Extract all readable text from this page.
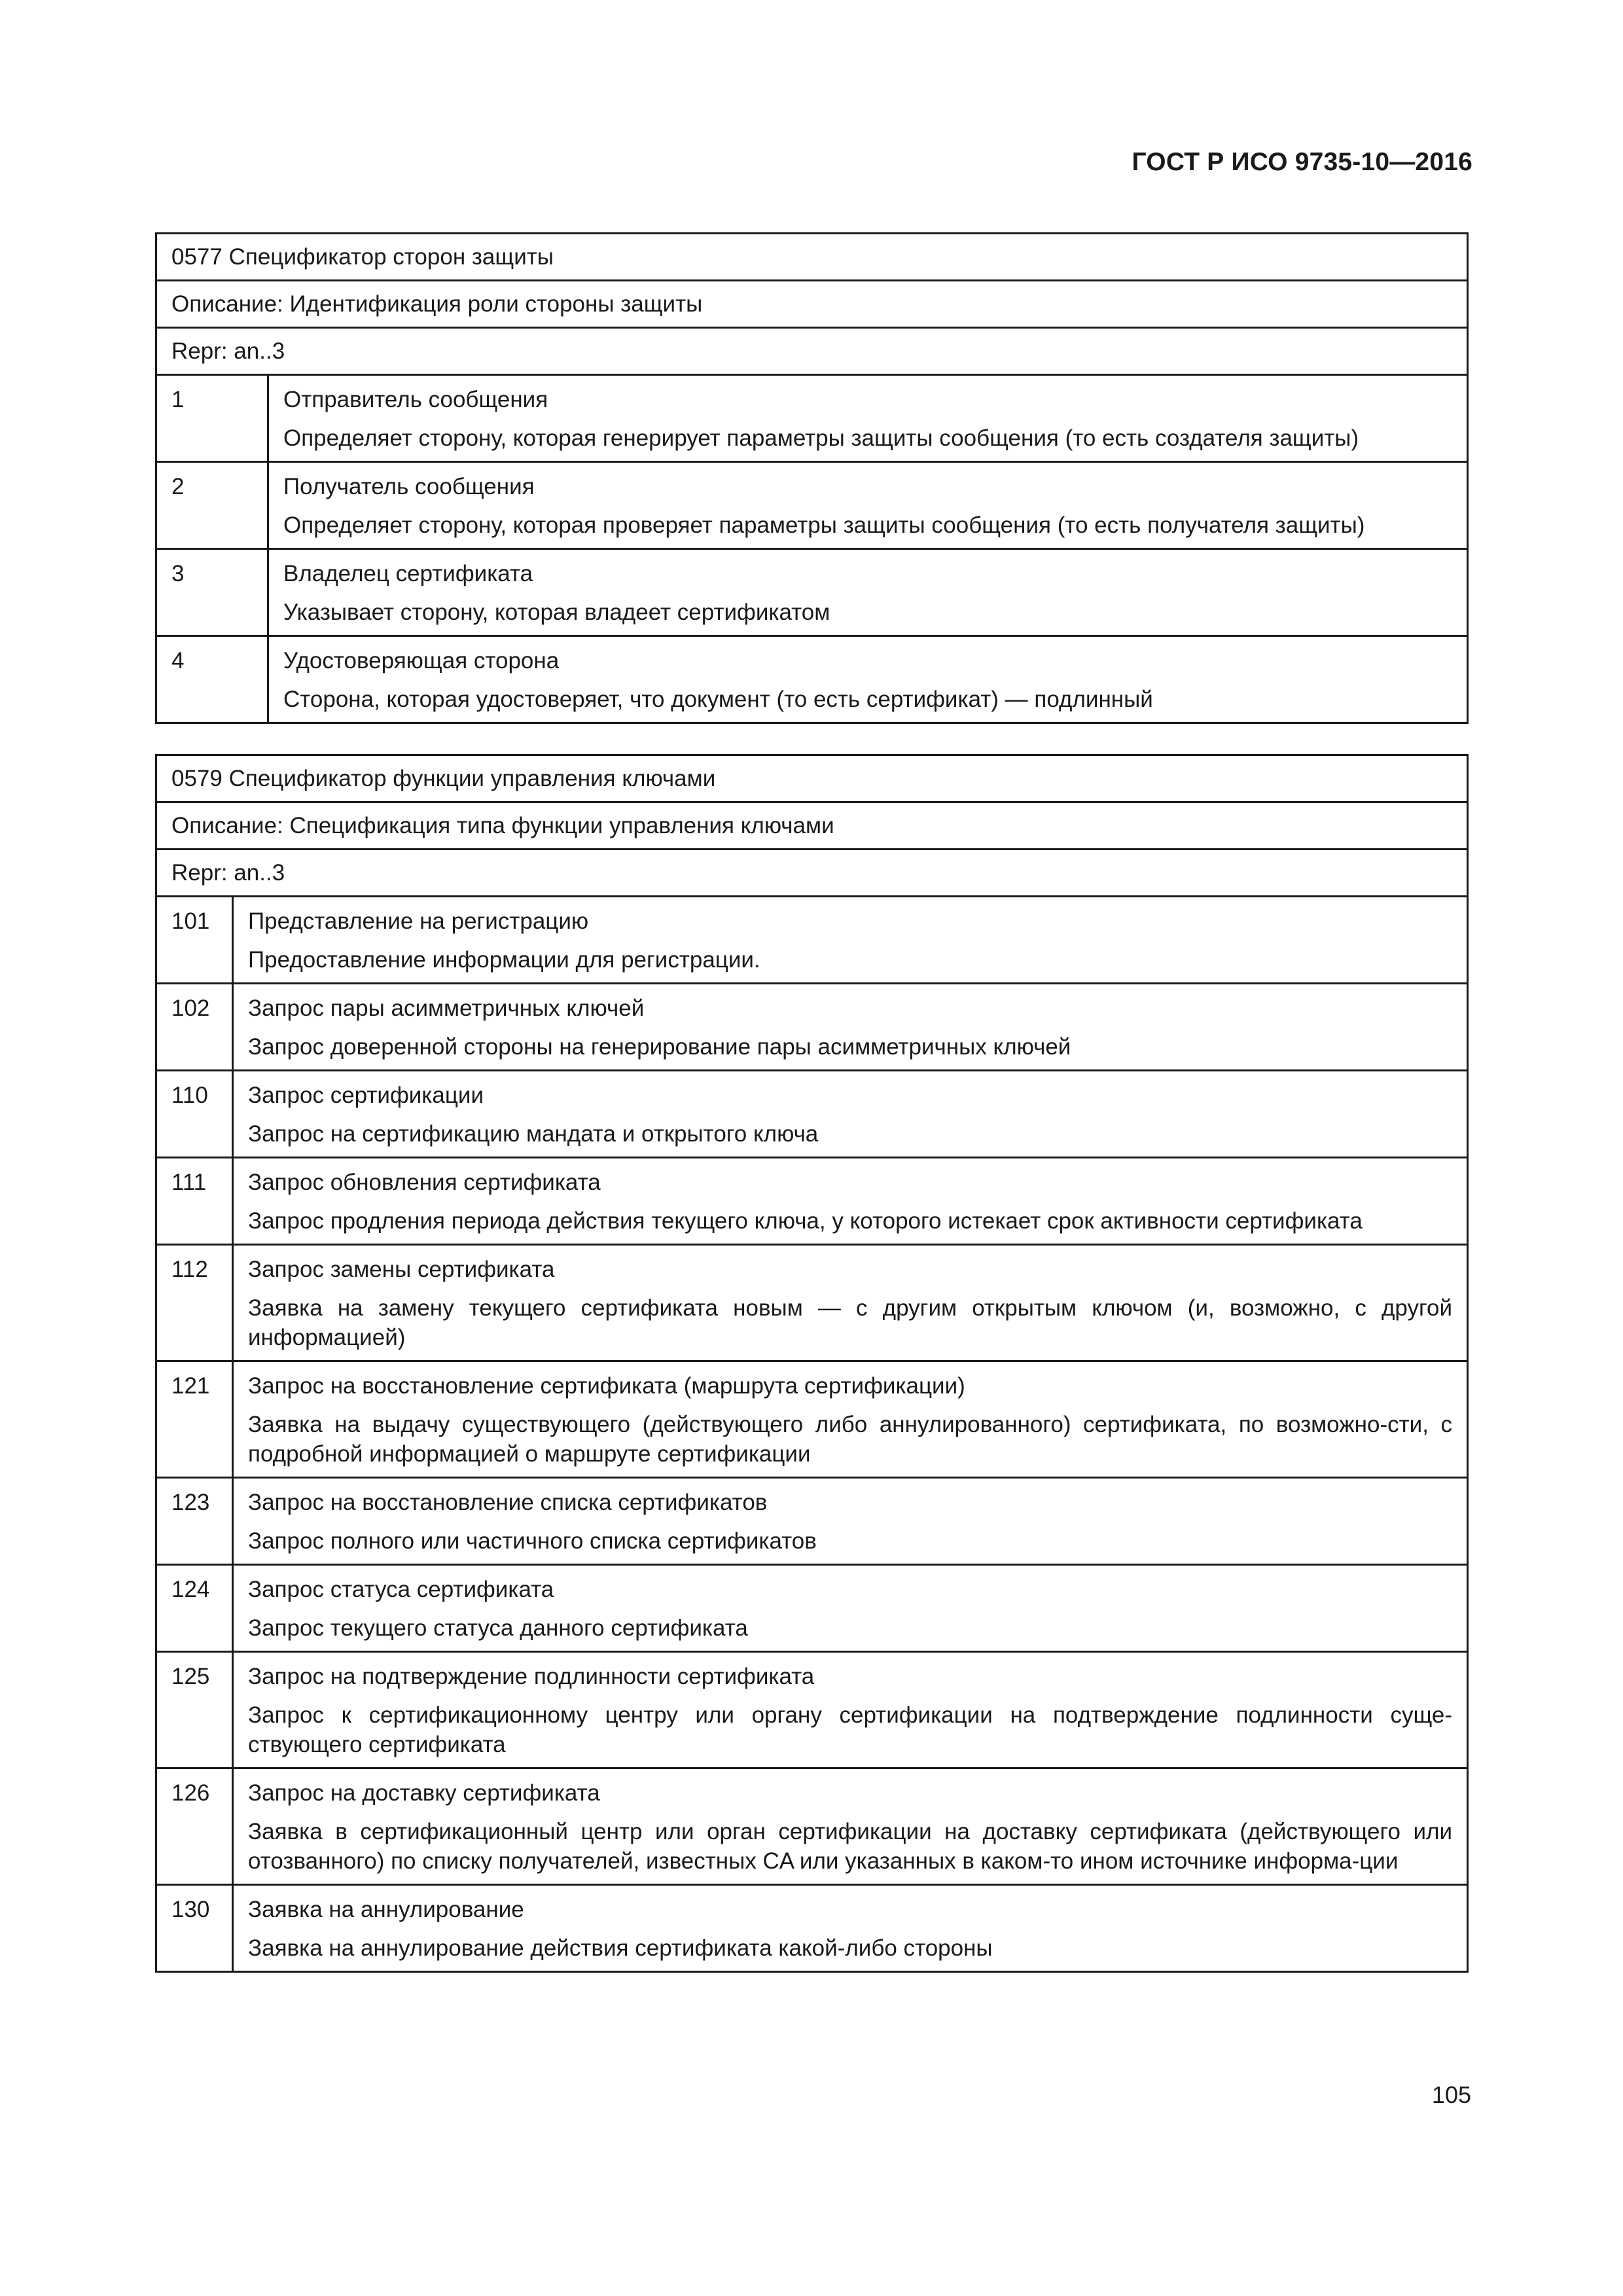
ГОСТ Р ИСО 9735-10—2016
0577 Спецификатор сторон защиты	
Описание: Идентификация роли стороны защиты	
Repr: an..3	
1	Отправитель сообщения
Определяет сторону, которая генерирует параметры защиты сообщения (то есть создателя защиты)

2	Получатель сообщения
Определяет сторону, которая проверяет параметры защиты сообщения (то есть получателя защиты)

3	Владелец сертификата
Указывает сторону, которая владеет сертификатом

4	Удостоверяющая сторона
Сторона, которая удостоверяет, что документ (то есть сертификат) — подлинный
0579 Спецификатор функции управления ключами	
Описание: Спецификация типа функции управления ключами	
Repr: an..3	
101	Представление на регистрацию
Предоставление информации для регистрации.

102	Запрос пары асимметричных ключей
Запрос доверенной стороны на генерирование пары асимметричных ключей

110	Запрос сертификации
Запрос на сертификацию мандата и открытого ключа

111	Запрос обновления сертификата
Запрос продления периода действия текущего ключа, у которого истекает срок активности сертификата

112	Запрос замены сертификата
Заявка на замену текущего сертификата новым — с другим открытым ключом (и, возможно, с другой информацией)

121	Запрос на восстановление сертификата (маршрута сертификации)
Заявка на выдачу существующего (действующего либо аннулированного) сертификата, по возможно-сти, с подробной информацией о маршруте сертификации

123	Запрос на восстановление списка сертификатов
Запрос полного или частичного списка сертификатов

124	Запрос статуса сертификата
Запрос текущего статуса данного сертификата

125	Запрос на подтверждение подлинности сертификата
Запрос к сертификационному центру или органу сертификации на подтверждение подлинности суще-ствующего сертификата

126	Запрос на доставку сертификата
Заявка в сертификационный центр или орган сертификации на доставку сертификата (действующего или отозванного) по списку получателей, известных CA или указанных в каком-то ином источнике информа-ции

130	Заявка на аннулирование
Заявка на аннулирование действия сертификата какой-либо стороны
105
